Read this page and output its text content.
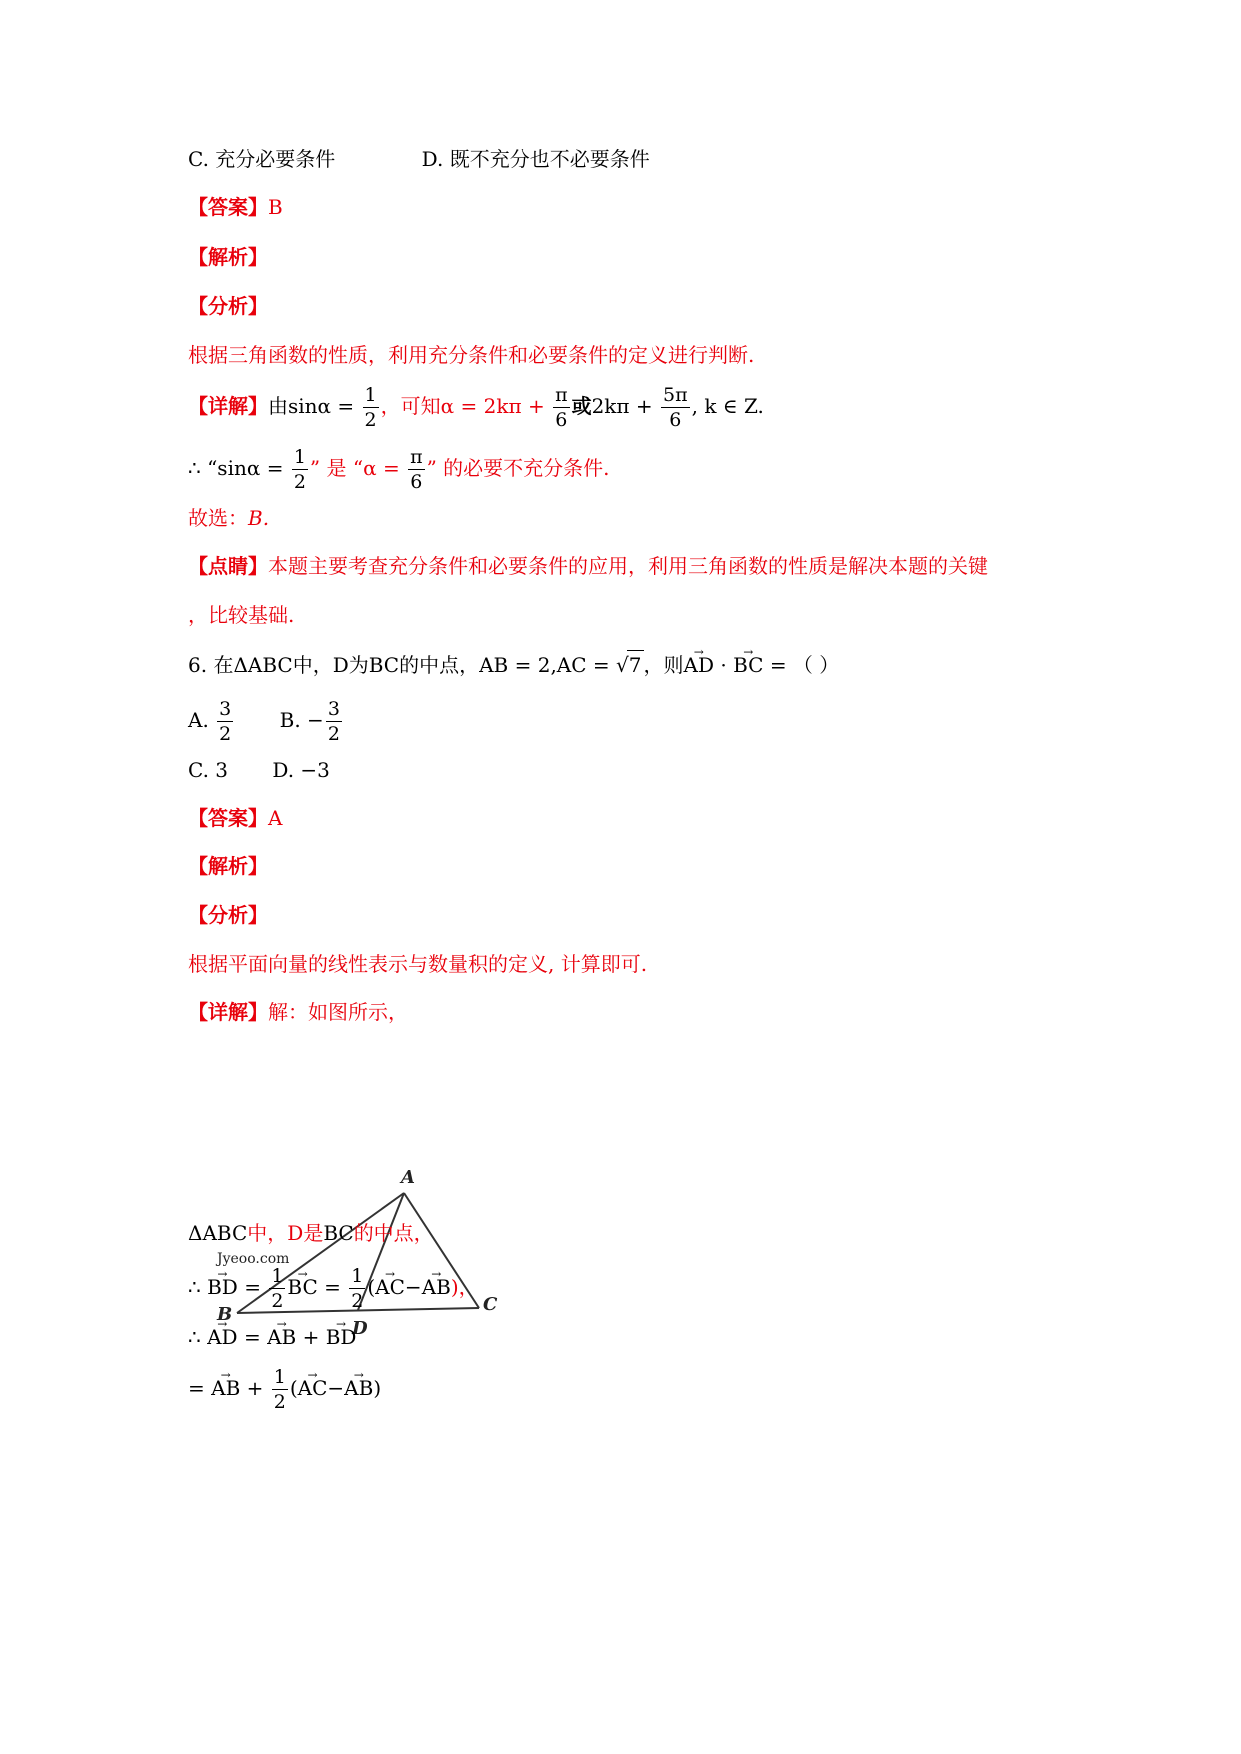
C. 充分必要条件	D. 既不充分也不必要条件
【答案】B
【解析】
【分析】
根据三角函数的性质，利用充分条件和必要条件的定义进行判断.
【详解】由$\sin\alpha = \frac{1}{2}$ ，可知$\alpha = 2k\pi + \frac{\pi}{6}$ 或$2k\pi + \frac{5\pi}{6}$ , k ∈ Z.
∴ “$\sin\alpha = \frac{1}{2}$ ” 是 “$\alpha = \frac{\pi}{6}$ ” 的必要不充分条件.
故选：B.
【点睛】本题主要考查充分条件和必要条件的应用，利用三角函数的性质是解决本题的关键
，比较基础.
6. 在ΔABC中，D为BC的中点，AB = 2,AC = √7 ，则→ AD · → BC = （ ）
A. $\frac{3}{2} B$. − $\frac{3}{2}$
C. 3 D. −3
【答案】A
【解析】
【分析】
根据平面向量的线性表示与数量积的定义, 计算即可.
【详解】解：如图所示，
Jyeoo.com
A
B	C
D
ΔABC中，D是BC的中点，
∴ → BD = $\frac{1}{2}$ → BC = $\frac{1}{2}$ (→ AC−→ AB)，
∴ → AD = → AB + → BD
= → AB + $\frac{1}{2}$ (→ AC−→ AB)
